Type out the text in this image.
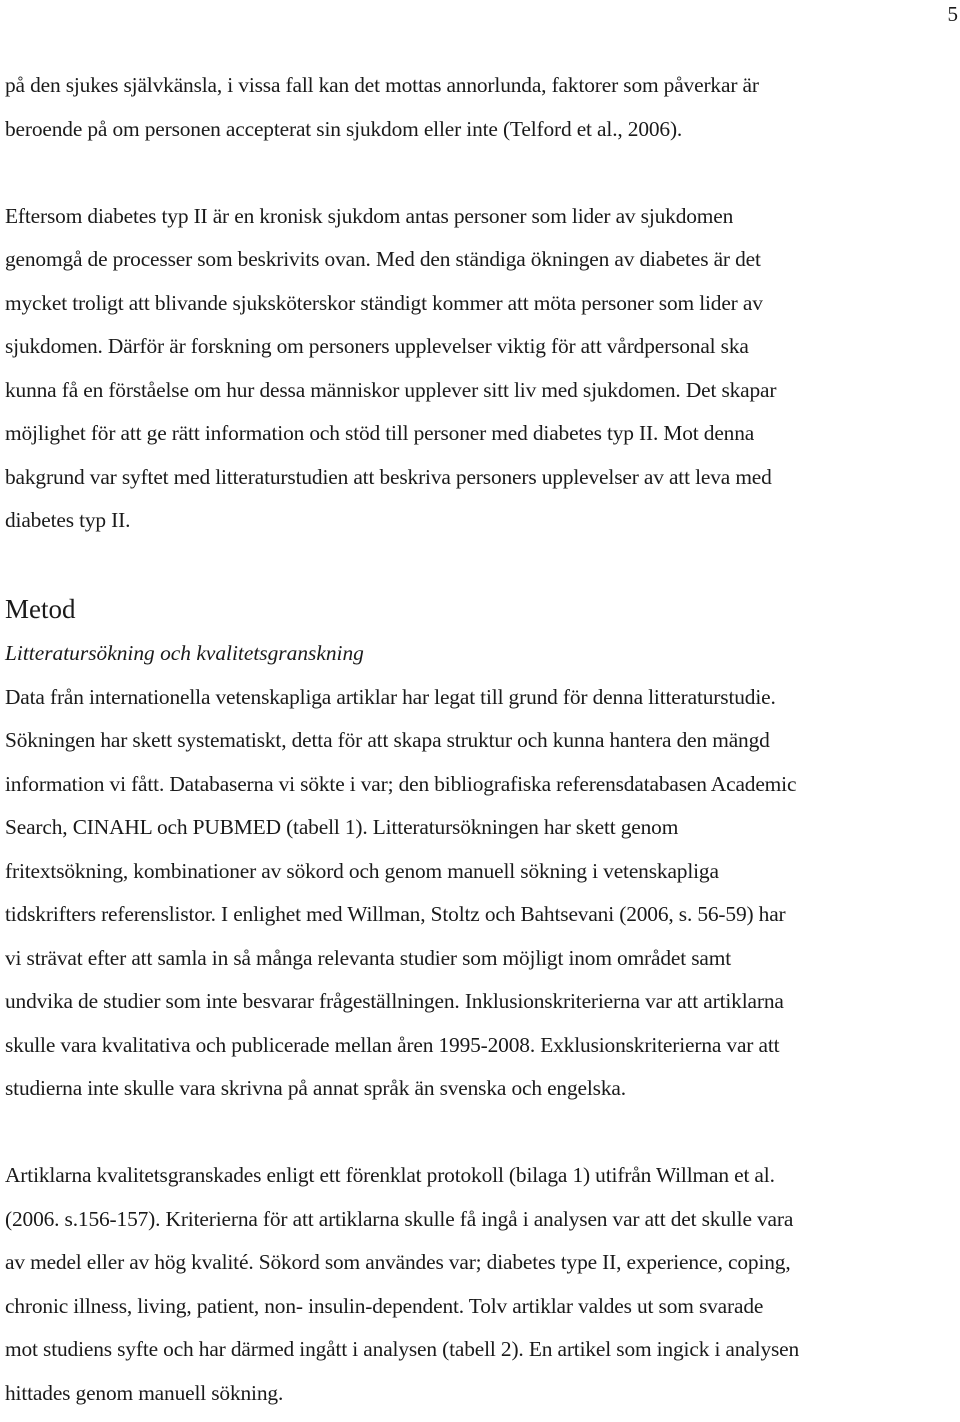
5

på den sjukes självkänsla, i vissa fall kan det mottas annorlunda, faktorer som påverkar är
beroende på om personen accepterat sin sjukdom eller inte (Telford et al., 2006).

Eftersom diabetes typ II är en kronisk sjukdom antas personer som lider av sjukdomen
genomgå de processer som beskrivits ovan. Med den ständiga ökningen av diabetes är det
mycket troligt att blivande sjuksköterskor ständigt kommer att möta personer som lider av
sjukdomen. Därför är forskning om personers upplevelser viktig för att vårdpersonal ska
kunna få en förståelse om hur dessa människor upplever sitt liv med sjukdomen. Det skapar
möjlighet för att ge rätt information och stöd till personer med diabetes typ II. Mot denna
bakgrund var syftet med litteraturstudien att beskriva personers upplevelser av att leva med
diabetes typ II.

Metod
Litteratursökning och kvalitetsgranskning

Data från internationella vetenskapliga artiklar har legat till grund för denna litteraturstudie.
Sökningen har skett systematiskt, detta för att skapa struktur och kunna hantera den mängd
information vi fått. Databaserna vi sökte i var; den bibliografiska referensdatabasen Academic
Search, CINAHL och PUBMED (tabell 1). Litteratursökningen har skett genom
fritextsökning, kombinationer av sökord och genom manuell sökning i vetenskapliga
tidskrifters referenslistor. I enlighet med Willman, Stoltz och Bahtsevani (2006, s. 56-59) har
vi strävat efter att samla in så många relevanta studier som möjligt inom området samt
undvika de studier som inte besvarar frågeställningen. Inklusionskriterierna var att artiklarna
skulle vara kvalitativa och publicerade mellan åren 1995-2008. Exklusionskriterierna var att
studierna inte skulle vara skrivna på annat språk än svenska och engelska.

Artiklarna kvalitetsgranskades enligt ett förenklat protokoll (bilaga 1) utifrån Willman et al.
(2006. s.156-157). Kriterierna för att artiklarna skulle få ingå i analysen var att det skulle vara
av medel eller av hög kvalité. Sökord som användes var; diabetes type II, experience, coping,
chronic illness, living, patient, non- insulin-dependent. Tolv artiklar valdes ut som svarade
mot studiens syfte och har därmed ingått i analysen (tabell 2). En artikel som ingick i analysen
hittades genom manuell sökning.
